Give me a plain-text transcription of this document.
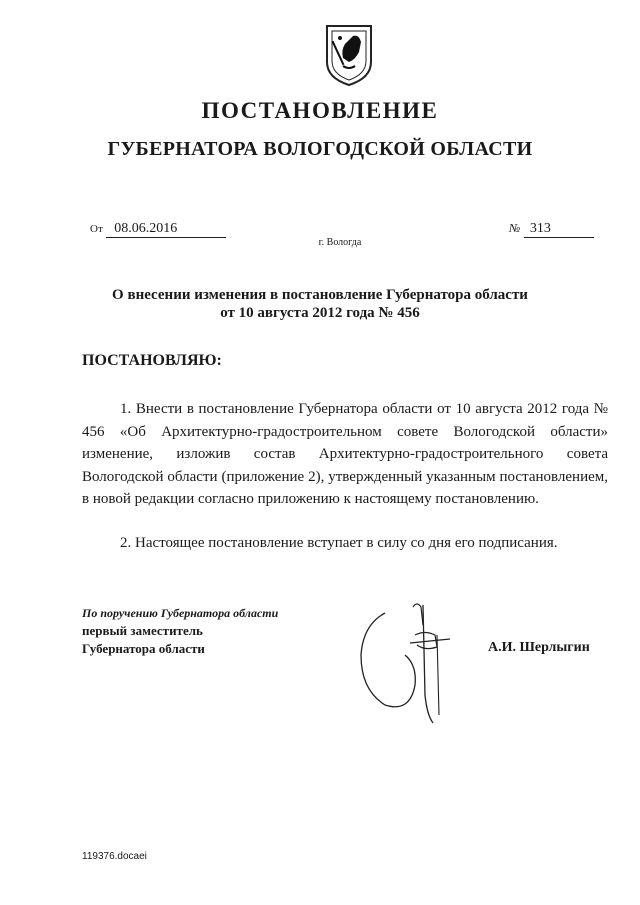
ПОСТАНОВЛЕНИЕ
ГУБЕРНАТОРА ВОЛОГОДСКОЙ ОБЛАСТИ
От 08.06.2016	№ 313
г. Вологда
О внесении изменения в постановление Губернатора области
от 10 августа 2012 года № 456
ПОСТАНОВЛЯЮ:
1. Внести в постановление Губернатора области от 10 августа 2012 года № 456 «Об Архитектурно-градостроительном совете Вологодской области» изменение, изложив состав Архитектурно-градостроительного совета Вологодской области (приложение 2), утвержденный указанным постановлением, в новой редакции согласно приложению к настоящему постановлению.
2. Настоящее постановление вступает в силу со дня его подписания.
По поручению Губернатора области
первый заместитель
Губернатора области	А.И. Шерлыгин
119376.docaei
